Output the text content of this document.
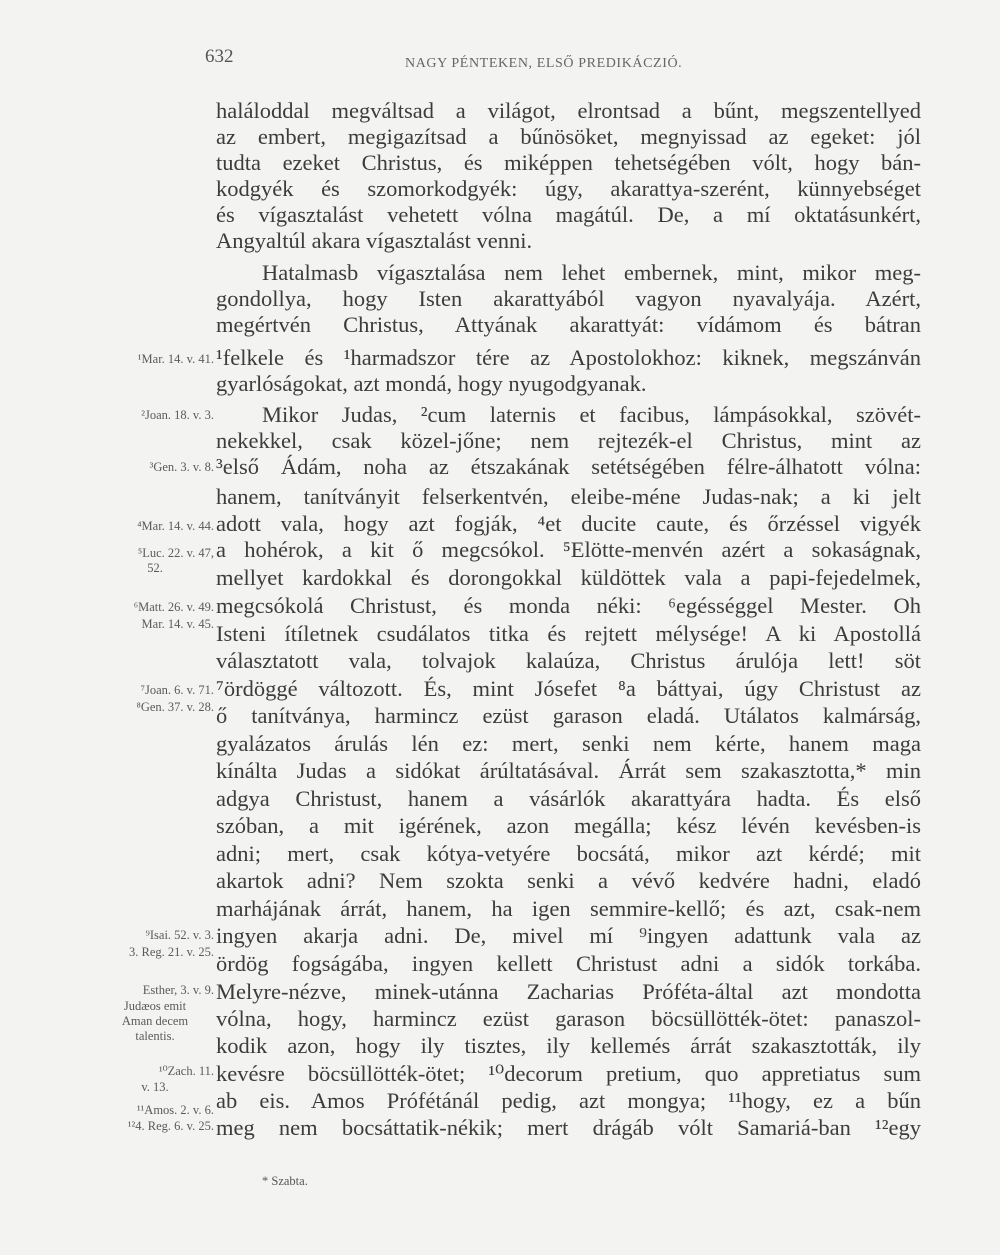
632	NAGY PÉNTEKEN, ELSŐ PREDIKÁCZIÓ.
haláloddal megváltsad a világot, elrontsad a bűnt, megszentellyed
az embert, megigazítsad a bűnösöket, megnyissad az egeket: jól
tudta ezeket Christus, és miképpen tehetségében vólt, hogy bán-
kodgyék és szomorkodgyék: úgy, akarattya-szerént, künnyebséget
és vígasztalást vehetett vólna magátúl. De, a mí oktatásunkért,
Angyaltúl akara vígasztalást venni.
Hatalmasb vígasztalása nem lehet embernek, mint, mikor meg-
gondollya, hogy Isten akarattyából vagyon nyavalyája. Azért,
megértvén Christus, Attyának akarattyát: vídámom és bátran
¹felkele és ¹harmadszor tére az Apostolokhoz: kiknek, megszánván
gyarlóságokat, azt mondá, hogy nyugodgyanak.
Mikor Judas, ²cum laternis et facibus, lámpásokkal, szövét-
nekekkel, csak közel-jőne; nem rejtezék-el Christus, mint az
³első Ádám, noha az étszakának setétségében félre-álhatott vólna:
hanem, tanítványit felserkentvén, eleibe-méne Judas-nak; a ki jelt
adott vala, hogy azt fogják, ⁴et ducite caute, és őrzéssel vigyék
a hohérok, a kit ő megcsókol. ⁵Elötte-menvén azért a sokaságnak,
mellyet kardokkal és dorongokkal küldöttek vala a papi-fejedelmek,
megcsókolá Christust, és monda néki: ⁶egésséggel Mester. Oh
Isteni ítíletnek csudálatos titka és rejtett mélysége! A ki Apostollá
választatott vala, tolvajok kalaúza, Christus árulója lett! söt
⁷ördöggé változott. És, mint Jósefet ⁸a báttyai, úgy Christust az
ő tanítványa, harmincz ezüst garason eladá. Utálatos kalmárság,
gyalázatos árulás lén ez: mert, senki nem kérte, hanem maga
kínálta Judas a sidókat árúltatásával. Árrát sem szakasztotta,* min
adgya Christust, hanem a vásárlók akarattyára hadta. És első
szóban, a mit igérének, azon megálla; kész lévén kevésben-is
adni; mert, csak kótya-vetyére bocsátá, mikor azt kérdé; mit
akartok adni? Nem szokta senki a vévő kedvére hadni, eladó
marhájának árrát, hanem, ha igen semmire-kellő; és azt, csak-nem
ingyen akarja adni. De, mivel mí ⁹ingyen adattunk vala az
ördög fogságába, ingyen kellett Christust adni a sidók torkába.
Melyre-nézve, minek-utánna Zacharias Próféta-által azt mondotta
vólna, hogy, harmincz ezüst garason böcsüllötték-ötet: panaszol-
kodik azon, hogy ily tisztes, ily kellemés árrát szakasztották, ily
kevésre böcsüllötték-ötet; ¹⁰decorum pretium, quo appretiatus sum
ab eis. Amos Prófétánál pedig, azt mongya; ¹¹hogy, ez a bűn
meg nem bocsáttatik-nékik; mert drágáb vólt Samariá-ban ¹²egy
¹Mar. 14. v. 41.
²Joan. 18. v. 3.
³Gen. 3. v. 8.
⁴Mar. 14. v. 44.
⁵Luc. 22. v. 47,
52.
⁶Matt. 26. v. 49.
Mar. 14. v. 45.
⁷Joan. 6. v. 71.
⁸Gen. 37. v. 28.
⁹Isai. 52. v. 3.
3. Reg. 21. v. 25.
Esther, 3. v. 9.
Judæos emit
Aman decem
talentis.
¹⁰Zach. 11.
v. 13.
¹¹Amos. 2. v. 6.
¹²4. Reg. 6. v. 25.
* Szabta.
